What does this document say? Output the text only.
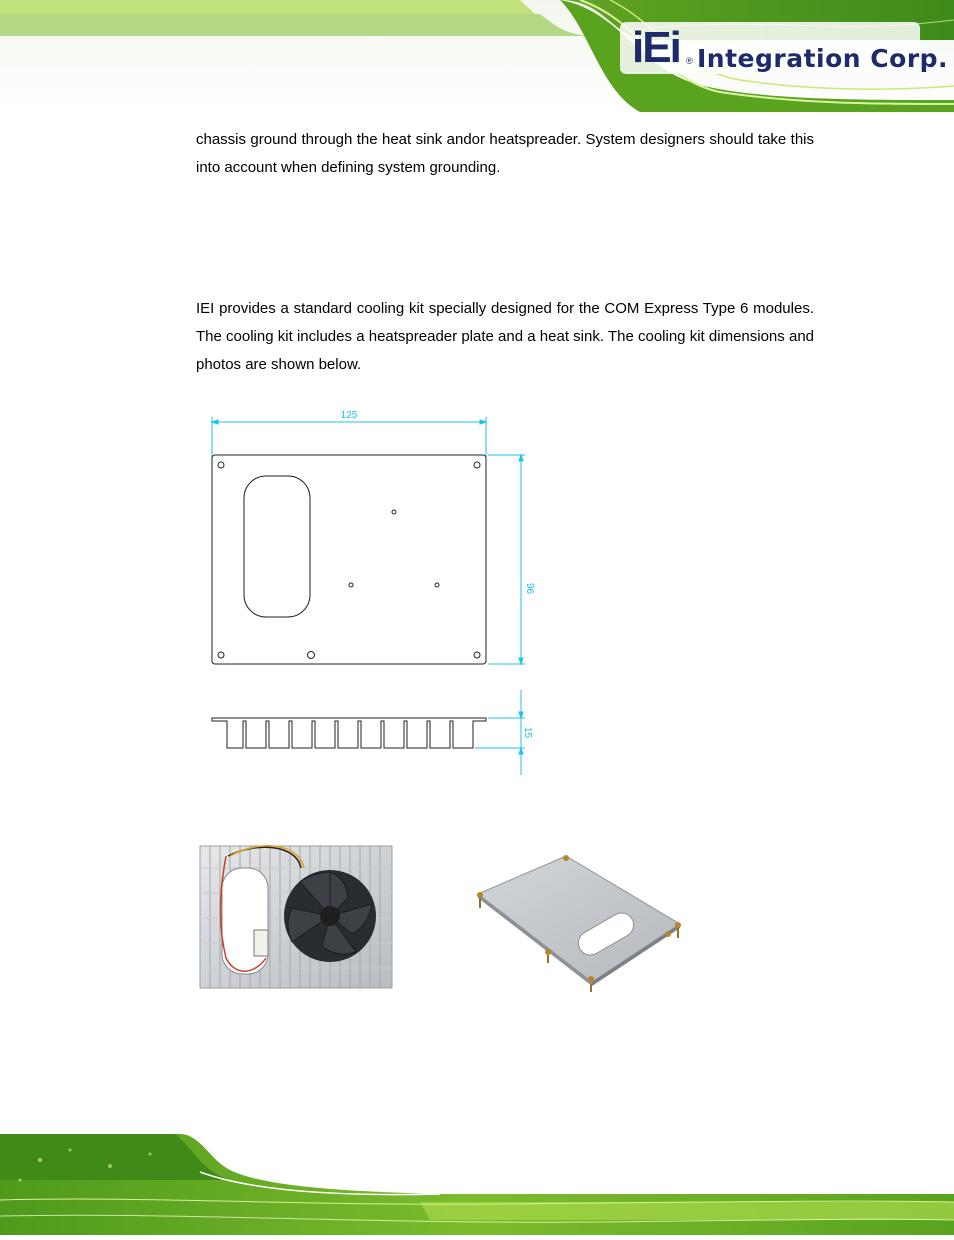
iEi ® Integration Corp.
chassis ground through the heat sink andor heatspreader. System designers should take this into account when defining system grounding.
IEI provides a standard cooling kit specially designed for the COM Express Type 6 modules. The cooling kit includes a heatspreader plate and a heat sink. The cooling kit dimensions and photos are shown below.
125
96
15
